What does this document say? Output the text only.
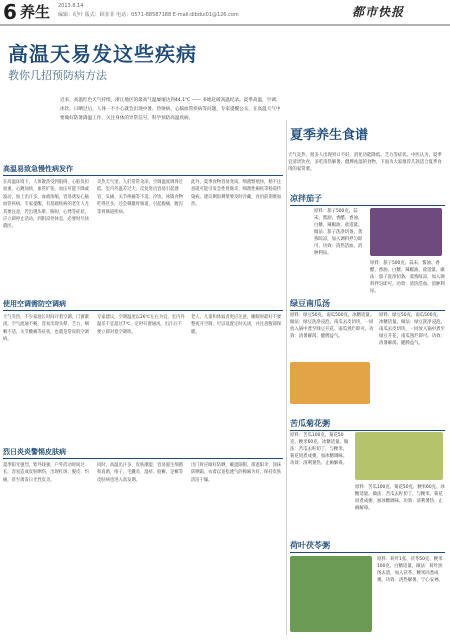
6 养生 2013.8.14
编辑：纪叶 版式：顾菲菲 电话：0571-88587188 E-mail:dlbdui01@126.com	都市快报
高温天易发这些疾病
教你几招预防病方法

近来，高温红色天气持续，浙江地区的最高气温屡屡达到44.1℃ —— 多地赶破高温纪录。夏季高温，空调、冰饮、日晒过后，人体一不小心就会出现中暑、热射病、心脑血管疾病等问题，专家提醒公众，在高温天气中要做好防暑降温工作，关注身体的异常信号，科学预防高温疾病。

高温易致急慢性病发作
在高温环境下，人体散热受到阻碍，心脏负担加重，心跳加快，血管扩张，血压可能下降或波动，加上出汗多，血液浓缩，容易诱发心脑血管疾病。专家提醒，有基础疾病的老年人尤其要注意，若出现头晕、胸闷、心悸等症状，应立即停止活动，到阴凉处休息，必要时尽快就医。
炎热天气里，人们常常贪凉，空调温度调得过低，室内外温差过大，反复进出容易引起感冒、头痛、关节疼痛等不适。冷饮、冰镇食物吃得过多，还会刺激胃肠道，引起腹痛、腹泻等胃肠道疾病。
此外，夏季食物容易变质，细菌繁殖快，稍不注意就可能引发急性胃肠炎、细菌性痢疾等肠道传染病。建议剩饭剩菜要及时冷藏，食用前彻底加热。
使用空调需防空调病
天气炎热，不少家庭长时间开着空调，门窗紧闭，空气流通不畅，容易出现头晕、乏力、咽喉不适、关节酸痛等症状，也就是常说的空调病。
专家建议，空调温度以26℃左右为宜，室内外温差不宜超过7℃，定时开窗通风，出汗后不要立即对着空调吹。
老人、儿童和体弱者更应注意，睡眠时最好不要整夜开空调，可以设置定时关闭，并注意腹部保暖。
烈日炎炎警惕皮肤病
夏季阳光强烈，紫外线强，户外活动时间过长，容易造成皮肤晒伤，出现红斑、脱皮、灼痛，甚至诱发日光性皮炎。
同时，高温出汗多，皮肤潮湿，容易滋生细菌和真菌，痱子、毛囊炎、湿疹、股癣、足癣等皮肤病也进入高发期。
出门时应做好防晒，戴遮阳帽、撑遮阳伞、涂抹防晒霜，衣着以宽松透气的棉麻为好，保持皮肤清洁干燥。
夏季养生食谱

天气炎热，很多人出现胃口不好、消化功能降低、乏力等症状。中医认为，夏季宜清淡饮食，多吃清热解暑、健脾祛湿的食物，下面为大家推荐几款适合夏季食用的家常菜。

凉拌茄子
原料：茄子500克、蒜末、酱油、香醋、香油、白糖、辣椒油、盐适量。做法：茄子洗净切条，蒸熟晾凉，加入调料拌匀即可。功效：清热活血、消肿利尿。
原料：茄子500克、蒜末、酱油、香醋、香油、白糖、辣椒油、盐适量。做法：茄子洗净切条，蒸熟晾凉，加入调料拌匀即可。功效：清热活血、消肿利尿。
绿豆南瓜汤
原料：绿豆50克、南瓜500克、冰糖适量。做法：绿豆洗净浸泡，南瓜去皮切块，一同放入锅中煮至绿豆开花、南瓜熟烂即可。功效：清暑解渴、健脾益气。
原料：绿豆50克、南瓜500克、冰糖适量。做法：绿豆洗净浸泡，南瓜去皮切块，一同放入锅中煮至绿豆开花、南瓜熟烂即可。功效：清暑解渴、健脾益气。
苦瓜菊花粥
原料：苦瓜100克、菊花50克、粳米60克、冰糖适量。做法：苦瓜去籽切丁，与粳米、菊花同煮成粥，加冰糖调味。功效：清利暑热、止痢解毒。
原料：苦瓜100克、菊花50克、粳米60克、冰糖适量。做法：苦瓜去籽切丁，与粳米、菊花同煮成粥，加冰糖调味。功效：清利暑热、止痢解毒。
荷叶茯苓粥
原料：荷叶1张、茯苓50克、粳米100克、白糖适量。做法：荷叶煎汤去渣，加入茯苓、粳米同煮成粥。功效：清热解暑、宁心安神。
